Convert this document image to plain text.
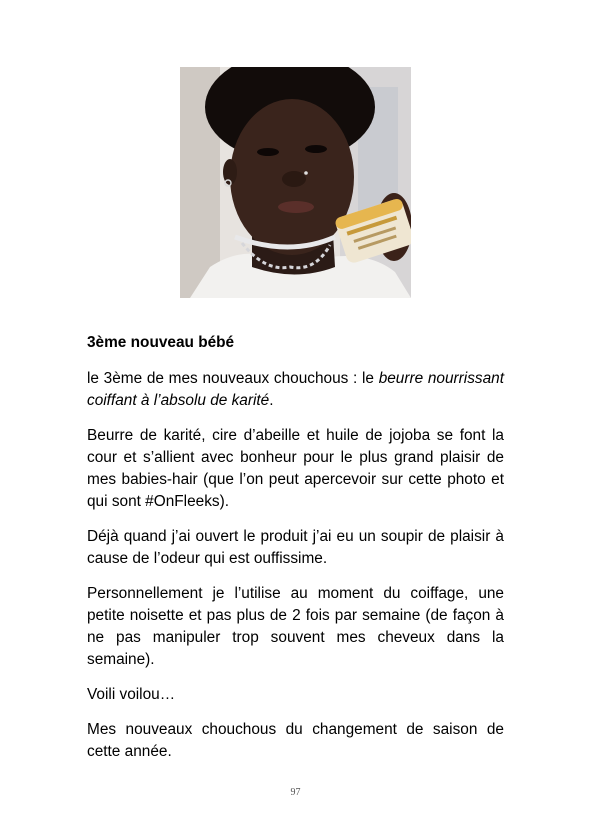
3ème nouveau bébé

le 3ème de mes nouveaux chouchous : le beurre nourrissant coiffant à l’absolu de karité.

Beurre de karité, cire d’abeille et huile de jojoba se font la cour et s’allient avec bonheur pour le plus grand plaisir de mes babies-hair (que l’on peut apercevoir sur cette photo et qui sont #OnFleeks).

Déjà quand j’ai ouvert le produit j’ai eu un soupir de plaisir à cause de l’odeur qui est ouffissime.

Personnellement je l’utilise au moment du coiffage, une petite noisette et pas plus de 2 fois par semaine (de façon à ne pas manipuler trop souvent mes cheveux dans la semaine).

Voili voilou…

Mes nouveaux chouchous du changement de saison de cette année.

97
